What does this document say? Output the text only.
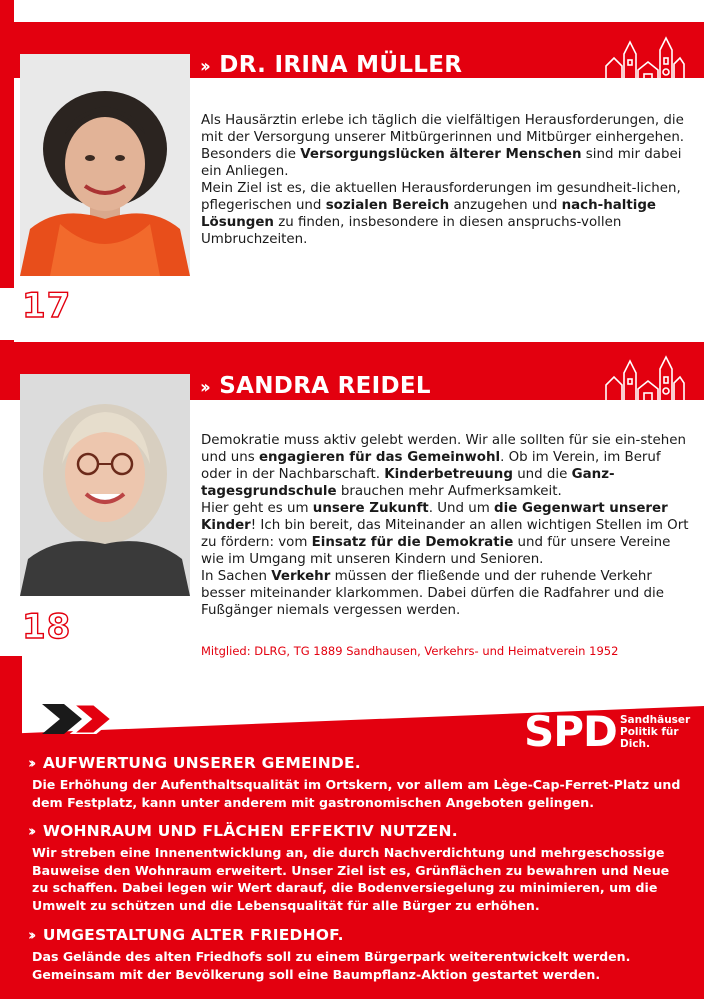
›› DR. IRINA MÜLLER
58 Jahre | Ärztin

Als Hausärztin erlebe ich täglich die vielfältigen Herausforderungen, die mit der Versorgung unserer Mitbürgerinnen und Mitbürger einhergehen. Besonders die Versorgungslücken älterer Menschen sind mir dabei ein Anliegen.
Mein Ziel ist es, die aktuellen Herausforderungen im gesundheit-lichen, pflegerischen und sozialen Bereich anzugehen und nach-haltige Lösungen zu finden, insbesondere in diesen anspruchs-vollen Umbruchzeiten.

17
›› SANDRA REIDEL
51 Jahre | Sozialpädagogin in der Jugendhilfe

Demokratie muss aktiv gelebt werden. Wir alle sollten für sie ein-stehen und uns engagieren für das Gemeinwohl. Ob im Verein, im Beruf oder in der Nachbarschaft. Kinderbetreuung und die Ganz-tagesgrundschule brauchen mehr Aufmerksamkeit.
Hier geht es um unsere Zukunft. Und um die Gegenwart unserer Kinder! Ich bin bereit, das Miteinander an allen wichtigen Stellen im Ort zu fördern: vom Einsatz für die Demokratie und für unsere Vereine wie im Umgang mit unseren Kindern und Senioren.
In Sachen Verkehr müssen der fließende und der ruhende Verkehr besser miteinander klarkommen. Dabei dürfen die Radfahrer und die Fußgänger niemals vergessen werden.

Mitglied: DLRG, TG 1889 Sandhausen, Verkehrs- und Heimatverein 1952
18
SPD Sandhäuser
Politik für
Dich.
›› AUFWERTUNG UNSERER GEMEINDE.
Die Erhöhung der Aufenthaltsqualität im Ortskern, vor allem am Lège-Cap-Ferret-Platz und dem Festplatz, kann unter anderem mit gastronomischen Angeboten gelingen.
›› WOHNRAUM UND FLÄCHEN EFFEKTIV NUTZEN.
Wir streben eine Innenentwicklung an, die durch Nachverdichtung und mehrgeschossige Bauweise den Wohnraum erweitert. Unser Ziel ist es, Grünflächen zu bewahren und Neue zu schaffen. Dabei legen wir Wert darauf, die Bodenversiegelung zu minimieren, um die Umwelt zu schützen und die Lebensqualität für alle Bürger zu erhöhen.
›› UMGESTALTUNG ALTER FRIEDHOF.
Das Gelände des alten Friedhofs soll zu einem Bürgerpark weiterentwickelt werden. Gemeinsam mit der Bevölkerung soll eine Baumpflanz-Aktion gestartet werden.
